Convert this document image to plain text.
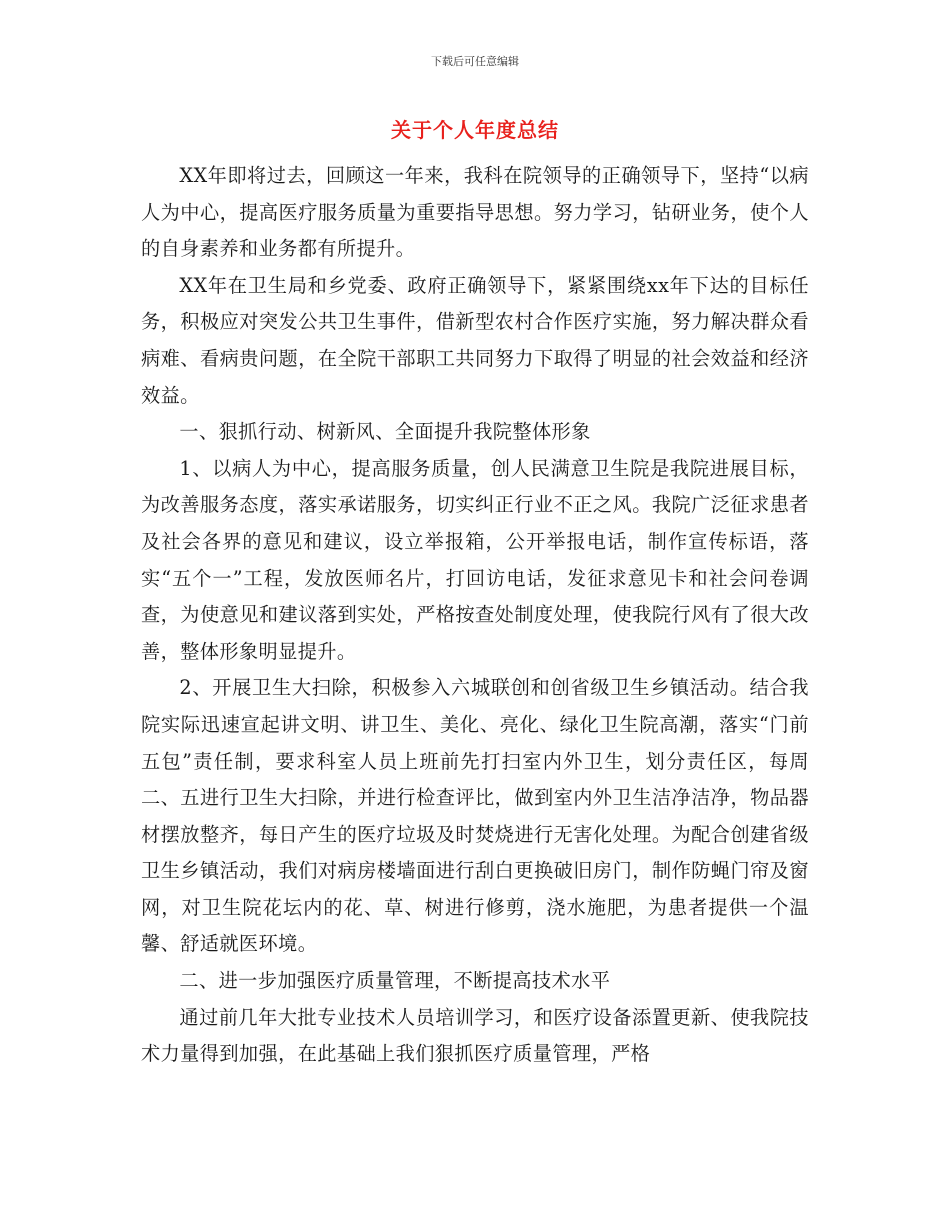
下载后可任意编辑
关于个人年度总结

XX年即将过去，回顾这一年来，我科在院领导的正确领导下，坚持“以病人为中心，提高医疗服务质量为重要指导思想。努力学习，钻研业务，使个人的自身素养和业务都有所提升。

XX年在卫生局和乡党委、政府正确领导下，紧紧围绕xx年下达的目标任务，积极应对突发公共卫生事件，借新型农村合作医疗实施，努力解决群众看病难、看病贵问题，在全院干部职工共同努力下取得了明显的社会效益和经济效益。

一、狠抓行动、树新风、全面提升我院整体形象

1、以病人为中心，提高服务质量，创人民满意卫生院是我院进展目标，为改善服务态度，落实承诺服务，切实纠正行业不正之风。我院广泛征求患者及社会各界的意见和建议，设立举报箱，公开举报电话，制作宣传标语，落实“五个一”工程，发放医师名片，打回访电话，发征求意见卡和社会问卷调查，为使意见和建议落到实处，严格按查处制度处理，使我院行风有了很大改善，整体形象明显提升。

2、开展卫生大扫除，积极参入六城联创和创省级卫生乡镇活动。结合我院实际迅速宣起讲文明、讲卫生、美化、亮化、绿化卫生院高潮，落实“门前五包”责任制，要求科室人员上班前先打扫室内外卫生，划分责任区，每周二、五进行卫生大扫除，并进行检查评比，做到室内外卫生洁净洁净，物品器材摆放整齐，每日产生的医疗垃圾及时焚烧进行无害化处理。为配合创建省级卫生乡镇活动，我们对病房楼墙面进行刮白更换破旧房门，制作防蝇门帘及窗网，对卫生院花坛内的花、草、树进行修剪，浇水施肥，为患者提供一个温馨、舒适就医环境。

二、进一步加强医疗质量管理，不断提高技术水平

通过前几年大批专业技术人员培训学习，和医疗设备添置更新、使我院技术力量得到加强，在此基础上我们狠抓医疗质量管理，严格
